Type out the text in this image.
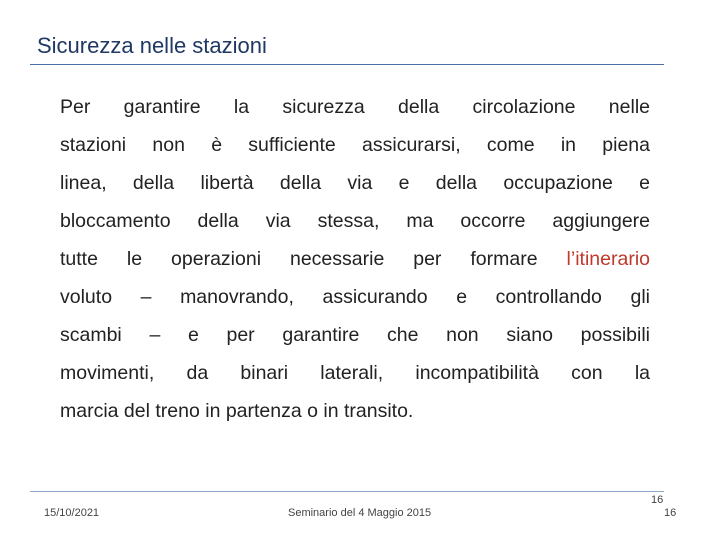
Sicurezza nelle stazioni
Per garantire la sicurezza della circolazione nelle
stazioni non è sufficiente assicurarsi, come in piena
linea, della libertà della via e della occupazione e
bloccamento della via stessa, ma occorre aggiungere
tutte le operazioni necessarie per formare l’itinerario
voluto – manovrando, assicurando e controllando gli
scambi – e per garantire che non siano possibili
movimenti, da binari laterali, incompatibilità con la
marcia del treno in partenza o in transito.
15/10/2021	Seminario del 4 Maggio 2015
16
16
